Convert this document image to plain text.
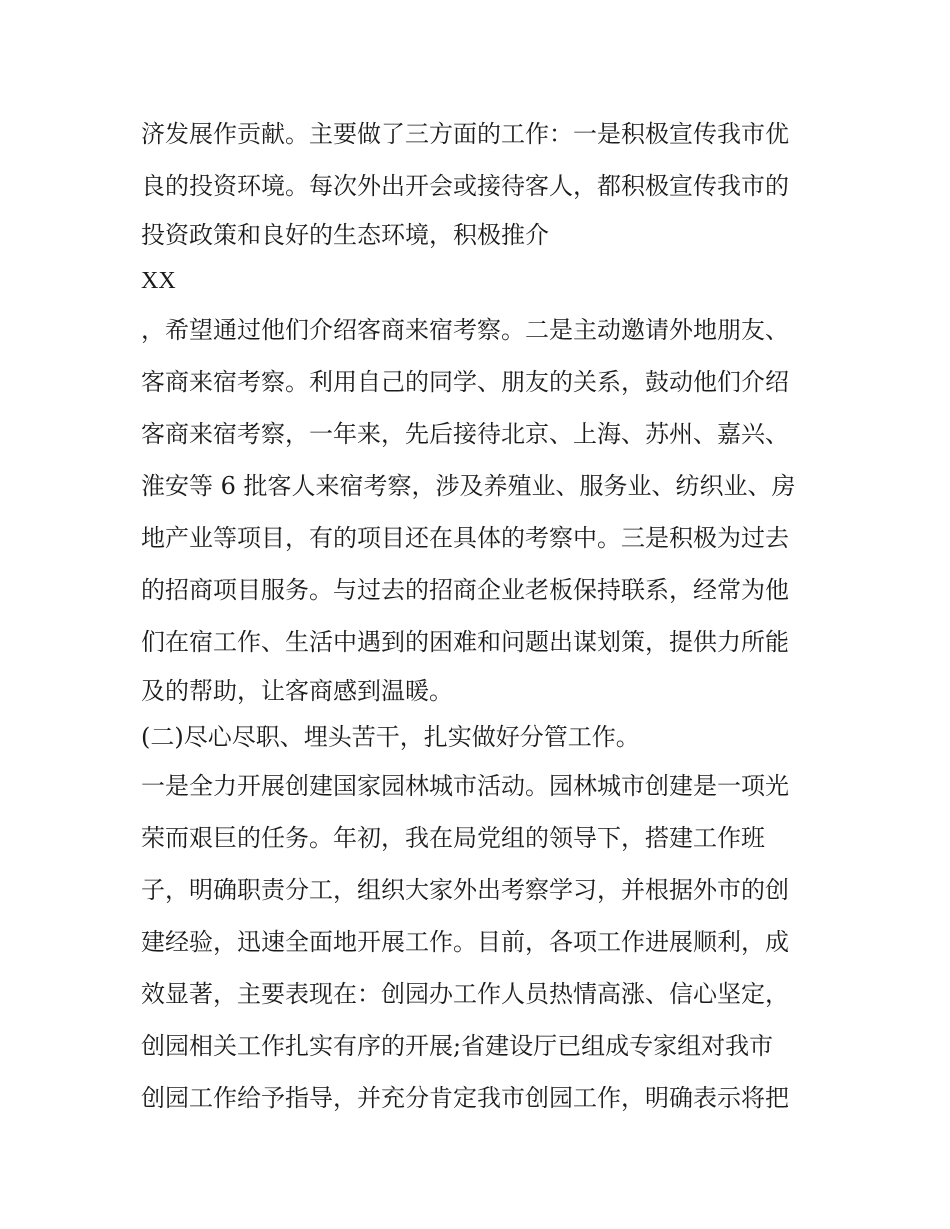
济发展作贡献。主要做了三方面的工作：一是积极宣传我市优
良的投资环境。每次外出开会或接待客人，都积极宣传我市的
投资政策和良好的生态环境，积极推介
XX
，希望通过他们介绍客商来宿考察。二是主动邀请外地朋友、
客商来宿考察。利用自己的同学、朋友的关系，鼓动他们介绍
客商来宿考察，一年来，先后接待北京、上海、苏州、嘉兴、
淮安等 6 批客人来宿考察，涉及养殖业、服务业、纺织业、房
地产业等项目，有的项目还在具体的考察中。三是积极为过去
的招商项目服务。与过去的招商企业老板保持联系，经常为他
们在宿工作、生活中遇到的困难和问题出谋划策，提供力所能
及的帮助，让客商感到温暖。
(二)尽心尽职、埋头苦干，扎实做好分管工作。
一是全力开展创建国家园林城市活动。园林城市创建是一项光
荣而艰巨的任务。年初，我在局党组的领导下，搭建工作班
子，明确职责分工，组织大家外出考察学习，并根据外市的创
建经验，迅速全面地开展工作。目前，各项工作进展顺利，成
效显著，主要表现在：创园办工作人员热情高涨、信心坚定，
创园相关工作扎实有序的开展;省建设厅已组成专家组对我市
创园工作给予指导，并充分肯定我市创园工作，明确表示将把
